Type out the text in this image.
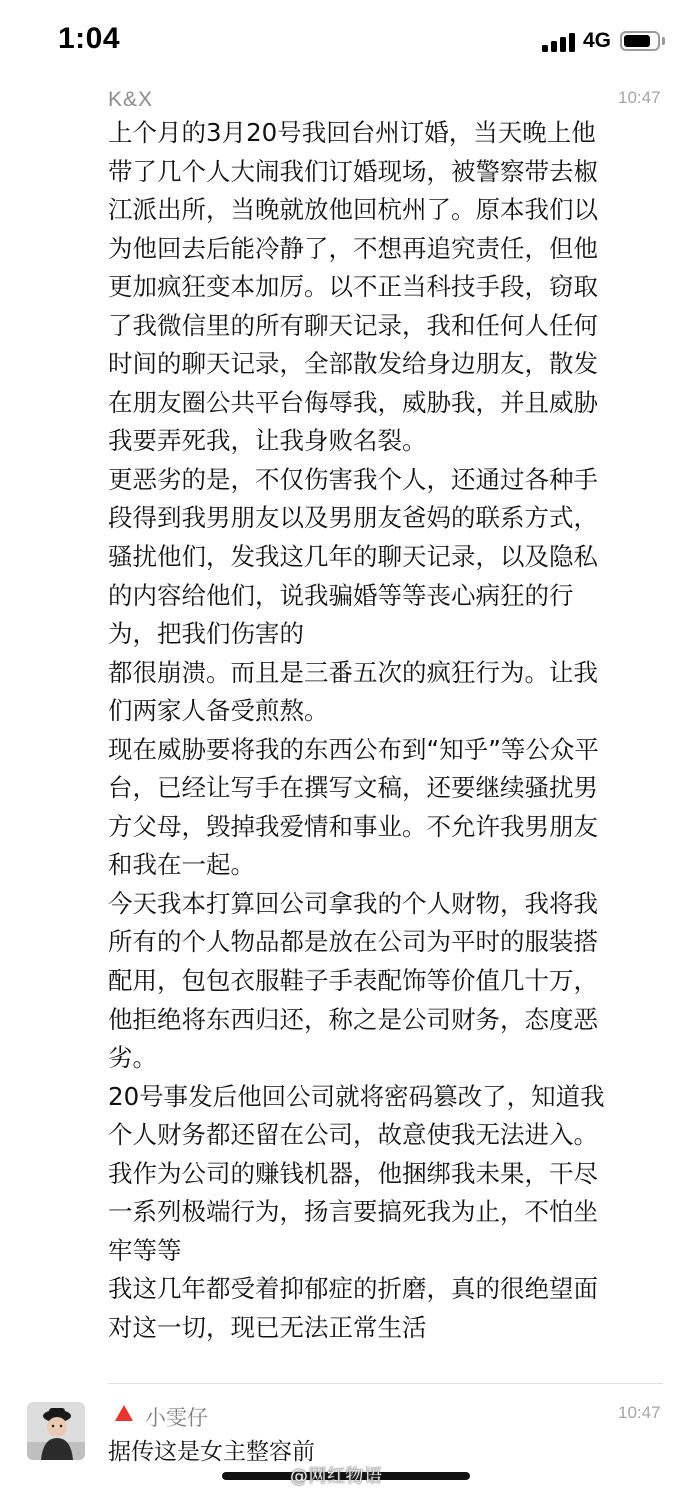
1:04	4G
K&X	10:47
上个月的3月20号我回台州订婚，当天晚上他
带了几个人大闹我们订婚现场，被警察带去椒
江派出所，当晚就放他回杭州了。原本我们以
为他回去后能冷静了，不想再追究责任，但他
更加疯狂变本加厉。以不正当科技手段，窃取
了我微信里的所有聊天记录，我和任何人任何
时间的聊天记录，全部散发给身边朋友，散发
在朋友圈公共平台侮辱我，威胁我，并且威胁
我要弄死我，让我身败名裂。
更恶劣的是，不仅伤害我个人，还通过各种手
段得到我男朋友以及男朋友爸妈的联系方式，
骚扰他们，发我这几年的聊天记录，以及隐私
的内容给他们，说我骗婚等等丧心病狂的行
为，把我们伤害的
都很崩溃。而且是三番五次的疯狂行为。让我
们两家人备受煎熬。
现在威胁要将我的东西公布到“知乎”等公众平
台，已经让写手在撰写文稿，还要继续骚扰男
方父母，毁掉我爱情和事业。不允许我男朋友
和我在一起。
今天我本打算回公司拿我的个人财物，我将我
所有的个人物品都是放在公司为平时的服装搭
配用，包包衣服鞋子手表配饰等价值几十万，
他拒绝将东西归还，称之是公司财务，态度恶
劣。
20号事发后他回公司就将密码篡改了，知道我
个人财务都还留在公司，故意使我无法进入。
我作为公司的赚钱机器，他捆绑我未果，干尽
一系列极端行为，扬言要搞死我为止，不怕坐
牢等等
我这几年都受着抑郁症的折磨，真的很绝望面
对这一切，现已无法正常生活
小雯仔	10:47
据传这是女主整容前
@网红物语
